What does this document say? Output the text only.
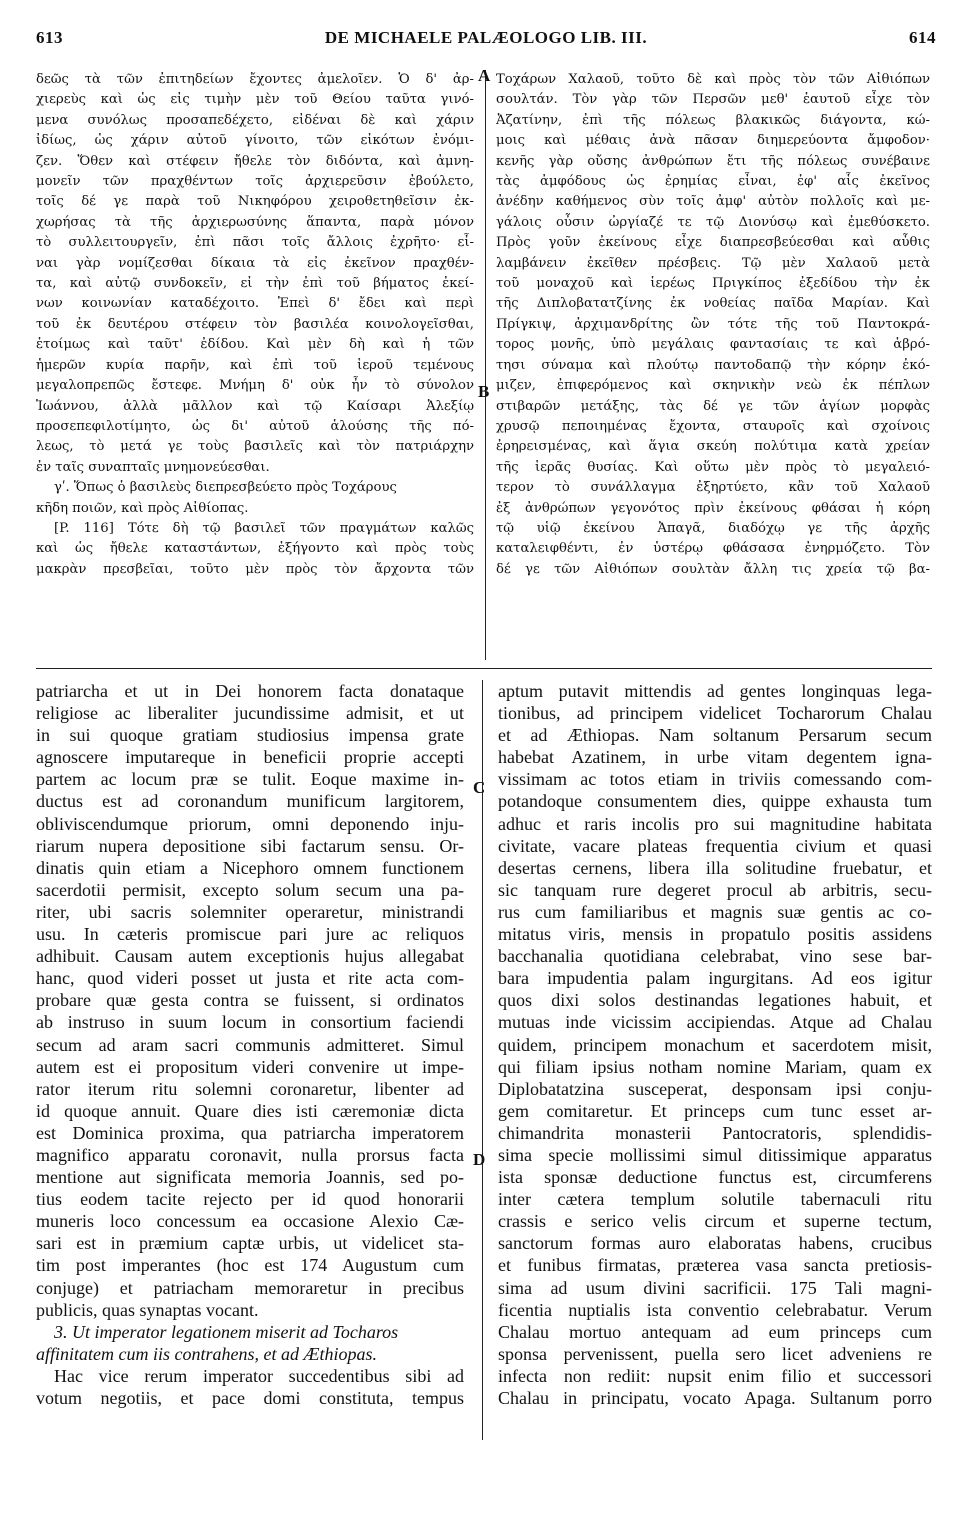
613	DE MICHAELE PALÆOLOGO LIB. III.	614
A
B
C
D
δεῶς τὰ τῶν ἐπιτηδείων ἔχοντες ἀμελοῖεν. Ὁ δ' ἀρ-
χιερεὺς καὶ ὡς εἰς τιμὴν μὲν τοῦ Θείου ταῦτα γινό-
μενα συνόλως προσαπεδέχετο, εἰδέναι δὲ καὶ χάριν
ἰδίως, ὡς χάριν αὐτοῦ γίνοιτο, τῶν εἰκότων ἐνόμι-
ζεν. Ὅθεν καὶ στέφειν ἤθελε τὸν διδόντα, καὶ ἀμνη-
μονεῖν τῶν πραχθέντων τοῖς ἀρχιερεῦσιν ἐβούλετο,
τοῖς δέ γε παρὰ τοῦ Νικηφόρου χειροθετηθεῖσιν ἐκ-
χωρήσας τὰ τῆς ἀρχιερωσύνης ἅπαντα, παρὰ μόνον
τὸ συλλειτουργεῖν, ἐπὶ πᾶσι τοῖς ἄλλοις ἐχρῆτο· εἶ-
ναι γὰρ νομίζεσθαι δίκαια τὰ εἰς ἐκεῖνον πραχθέν-
τα, καὶ αὐτῷ συνδοκεῖν, εἰ τὴν ἐπὶ τοῦ βήματος ἐκεί-
νων κοινωνίαν καταδέχοιτο. Ἐπεὶ δ' ἔδει καὶ περὶ
τοῦ ἐκ δευτέρου στέφειν τὸν βασιλέα κοινολογεῖσθαι,
ἑτοίμως καὶ ταῦτ' ἐδίδου. Καὶ μὲν δὴ καὶ ἡ τῶν
ἡμερῶν κυρία παρῆν, καὶ ἐπὶ τοῦ ἱεροῦ τεμένους
μεγαλοπρεπῶς ἔστεφε. Μνήμη δ' οὐκ ἦν τὸ σύνολον
Ἰωάννου, ἀλλὰ μᾶλλον καὶ τῷ Καίσαρι Ἀλεξίῳ
προσεπεφιλοτίμητο, ὡς δι' αὐτοῦ ἁλούσης τῆς πό-
λεως, τὸ μετά γε τοὺς βασιλεῖς καὶ τὸν πατριάρχην
ἐν ταῖς συναπταῖς μνημονεύεσθαι.
γʹ. Ὅπως ὁ βασιλεὺς διεπρεσβεύετο πρὸς Τοχάρους
κῆδη ποιῶν, καὶ πρὸς Αἰθίοπας.
[P. 116] Τότε δὴ τῷ βασιλεῖ τῶν πραγμάτων καλῶς
καὶ ὡς ἤθελε καταστάντων, ἐξήγοντο καὶ πρὸς τοὺς
μακρὰν πρεσβεῖαι, τοῦτο μὲν πρὸς τὸν ἄρχοντα τῶν
Τοχάρων Χαλαοῦ, τοῦτο δὲ καὶ πρὸς τὸν τῶν Αἰθιόπων
σουλτάν. Τὸν γὰρ τῶν Περσῶν μεθ' ἑαυτοῦ εἶχε τὸν
Ἀζατίνην, ἐπὶ τῆς πόλεως βλακικῶς διάγοντα, κώ-
μοις καὶ μέθαις ἀνὰ πᾶσαν διημερεύοντα ἄμφοδον·
κενῆς γὰρ οὔσης ἀνθρώπων ἔτι τῆς πόλεως συνέβαινε
τὰς ἀμφόδους ὡς ἐρημίας εἶναι, ἐφ' αἷς ἐκεῖνος
ἀνέδην καθήμενος σὺν τοῖς ἀμφ' αὐτὸν πολλοῖς καὶ με-
γάλοις οὖσιν ὠργίαζέ τε τῷ Διονύσῳ καὶ ἐμεθύσκετο.
Πρὸς γοῦν ἐκείνους εἶχε διαπρεσβεύεσθαι καὶ αὖθις
λαμβάνειν ἐκεῖθεν πρέσβεις. Τῷ μὲν Χαλαοῦ μετὰ
τοῦ μοναχοῦ καὶ ἱερέως Πριγκίπος ἐξεδίδου τὴν ἐκ
τῆς Διπλοβατατζίνης ἐκ νοθείας παῖδα Μαρίαν. Καὶ
Πρίγκιψ, ἀρχιμανδρίτης ὢν τότε τῆς τοῦ Παντοκρά-
τορος μονῆς, ὑπὸ μεγάλαις φαντασίαις τε καὶ ἁβρό-
τησι σύναμα καὶ πλούτῳ παντοδαπῷ τὴν κόρην ἐκό-
μιζεν, ἐπιφερόμενος καὶ σκηνικὴν νεὼ ἐκ πέπλων
στιβαρῶν μετάξης, τὰς δέ γε τῶν ἁγίων μορφὰς
χρυσῷ πεποιημένας ἔχοντα, σταυροῖς καὶ σχοίνοις
ἐρηρεισμένας, καὶ ἅγια σκεύη πολύτιμα κατὰ χρείαν
τῆς ἱερᾶς θυσίας. Καὶ οὕτω μὲν πρὸς τὸ μεγαλειό-
τερον τὸ συνάλλαγμα ἐξηρτύετο, κἂν τοῦ Χαλαοῦ
ἐξ ἀνθρώπων γεγονότος πρὶν ἐκείνους φθάσαι ἡ κόρη
τῷ υἱῷ ἐκείνου Ἀπαγᾶ, διαδόχῳ γε τῆς ἀρχῆς
καταλειφθέντι, ἐν ὑστέρῳ φθάσασα ἐνηρμόζετο. Τὸν
δέ γε τῶν Αἰθιόπων σουλτὰν ἄλλη τις χρεία τῷ βα-
patriarcha et ut in Dei honorem facta donataque
religiose ac liberaliter jucundissime admisit, et ut
in sui quoque gratiam studiosius impensa grate
agnoscere imputareque in beneficii proprie accepti
partem ac locum præ se tulit. Eoque maxime in-
ductus est ad coronandum munificum largitorem,
obliviscendumque priorum, omni deponendo inju-
riarum nupera depositione sibi factarum sensu. Or-
dinatis quin etiam a Nicephoro omnem functionem
sacerdotii permisit, excepto solum secum una pa-
riter, ubi sacris solemniter operaretur, ministrandi
usu. In cæteris promiscue pari jure ac reliquos
adhibuit. Causam autem exceptionis hujus allegabat
hanc, quod videri posset ut justa et rite acta com-
probare quæ gesta contra se fuissent, si ordinatos
ab instruso in suum locum in consortium faciendi
secum ad aram sacri communis admitteret. Simul
autem est ei propositum videri convenire ut impe-
rator iterum ritu solemni coronaretur, libenter ad
id quoque annuit. Quare dies isti cæremoniæ dicta
est Dominica proxima, qua patriarcha imperatorem
magnifico apparatu coronavit, nulla prorsus facta
mentione aut significata memoria Joannis, sed po-
tius eodem tacite rejecto per id quod honorarii
muneris loco concessum ea occasione Alexio Cæ-
sari est in præmium captæ urbis, ut videlicet sta-
tim post imperantes (hoc est 174 Augustum cum
conjuge) et patriacham memoraretur in precibus
publicis, quas synaptas vocant.
3. Ut imperator legationem miserit ad Tocharos
affinitatem cum iis contrahens, et ad Æthiopas.
Hac vice rerum imperator succedentibus sibi ad
votum negotiis, et pace domi constituta, tempus
aptum putavit mittendis ad gentes longinquas lega-
tionibus, ad principem videlicet Tocharorum Chalau
et ad Æthiopas. Nam soltanum Persarum secum
habebat Azatinem, in urbe vitam degentem igna-
vissimam ac totos etiam in triviis comessando com-
potandoque consumentem dies, quippe exhausta tum
adhuc et raris incolis pro sui magnitudine habitata
civitate, vacare plateas frequentia civium et quasi
desertas cernens, libera illa solitudine fruebatur, et
sic tanquam rure degeret procul ab arbitris, secu-
rus cum familiaribus et magnis suæ gentis ac co-
mitatus viris, mensis in propatulo positis assidens
bacchanalia quotidiana celebrabat, vino sese bar-
bara impudentia palam ingurgitans. Ad eos igitur
quos dixi solos destinandas legationes habuit, et
mutuas inde vicissim accipiendas. Atque ad Chalau
quidem, principem monachum et sacerdotem misit,
qui filiam ipsius notham nomine Mariam, quam ex
Diplobatatzina susceperat, desponsam ipsi conju-
gem comitaretur. Et princeps cum tunc esset ar-
chimandrita monasterii Pantocratoris, splendidis-
sima specie mollissimi simul ditissimique apparatus
ista sponsæ deductione functus est, circumferens
inter cætera templum solutile tabernaculi ritu
crassis e serico velis circum et superne tectum,
sanctorum formas auro elaboratas habens, crucibus
et funibus firmatas, præterea vasa sancta pretiosis-
sima ad usum divini sacrificii. 175 Tali magni-
ficentia nuptialis ista conventio celebrabatur. Verum
Chalau mortuo antequam ad eum princeps cum
sponsa pervenissent, puella sero licet adveniens re
infecta non rediit: nupsit enim filio et successori
Chalau in principatu, vocato Apaga. Sultanum porro
